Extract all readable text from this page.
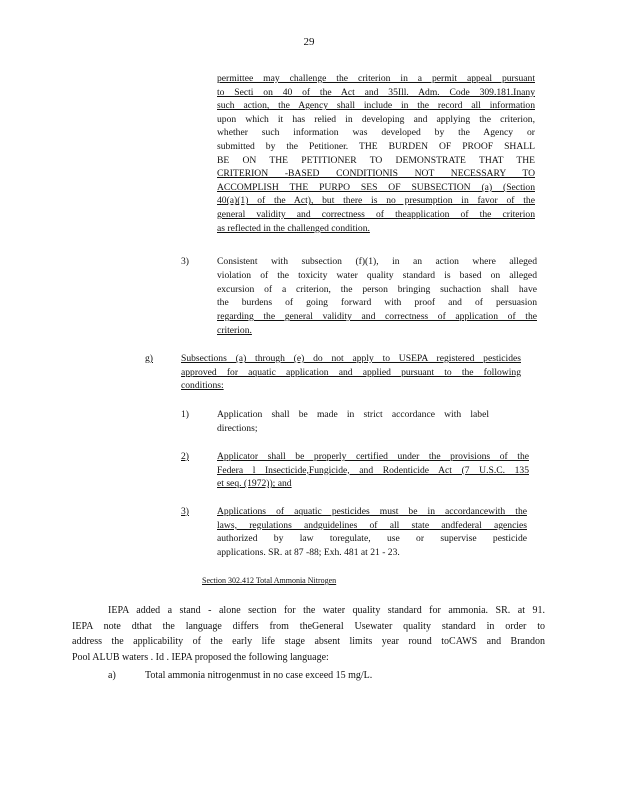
29
permittee may challenge the criterion in a permit appeal pursuant
to Secti on 40 of the Act and 35Ill. Adm. Code 309.181.Inany
such action, the Agency shall include in the record all information
upon which it has relied in developing and applying the criterion,
whether such information was developed by the Agency or
submitted by the Petitioner. THE BURDEN OF PROOF SHALL
BE ON THE PETITIONER TO DEMONSTRATE THAT THE
CRITERION -BASED CONDITIONIS NOT NECESSARY TO
ACCOMPLISH THE PURPO SES OF SUBSECTION (a) (Section
40(a)(1) of the Act), but there is no presumption in favor of the
general validity and correctness of theapplication of the criterion
as reflected in the challenged condition.
3)	Consistent with subsection (f)(1), in an action where alleged
violation of the toxicity water quality standard is based on alleged
excursion of a criterion, the person bringing suchaction shall have
the burdens of going forward with proof and of persuasion
regarding the general validity and correctness of application of the
criterion.
g)	Subsections (a) through (e) do not apply to USEPA registered pesticides
approved for aquatic application and applied pursuant to the following
conditions:
1)	Application shall be made in strict accordance with label
directions;
2)	Applicator shall be properly certified under the provisions of the
Federa l Insecticide,Fungicide, and Rodenticide Act (7 U.S.C. 135
et seq. (1972)); and
3)	Applications of aquatic pesticides must be in accordancewith the
laws, regulations andguidelines of all state andfederal agencies
authorized by law toregulate, use or supervise pesticide
applications. SR. at 87 -88; Exh. 481 at 21 - 23.
Section 302.412 Total Ammonia Nitrogen
IEPA added a stand - alone section for the water quality standard for ammonia. SR. at 91.
IEPA note dthat the language differs from theGeneral Usewater quality standard in order to
address the applicability of the early life stage absent limits year round toCAWS and Brandon
Pool ALUB waters . Id . IEPA proposed the following language:
a)	Total ammonia nitrogenmust in no case exceed 15 mg/L.
